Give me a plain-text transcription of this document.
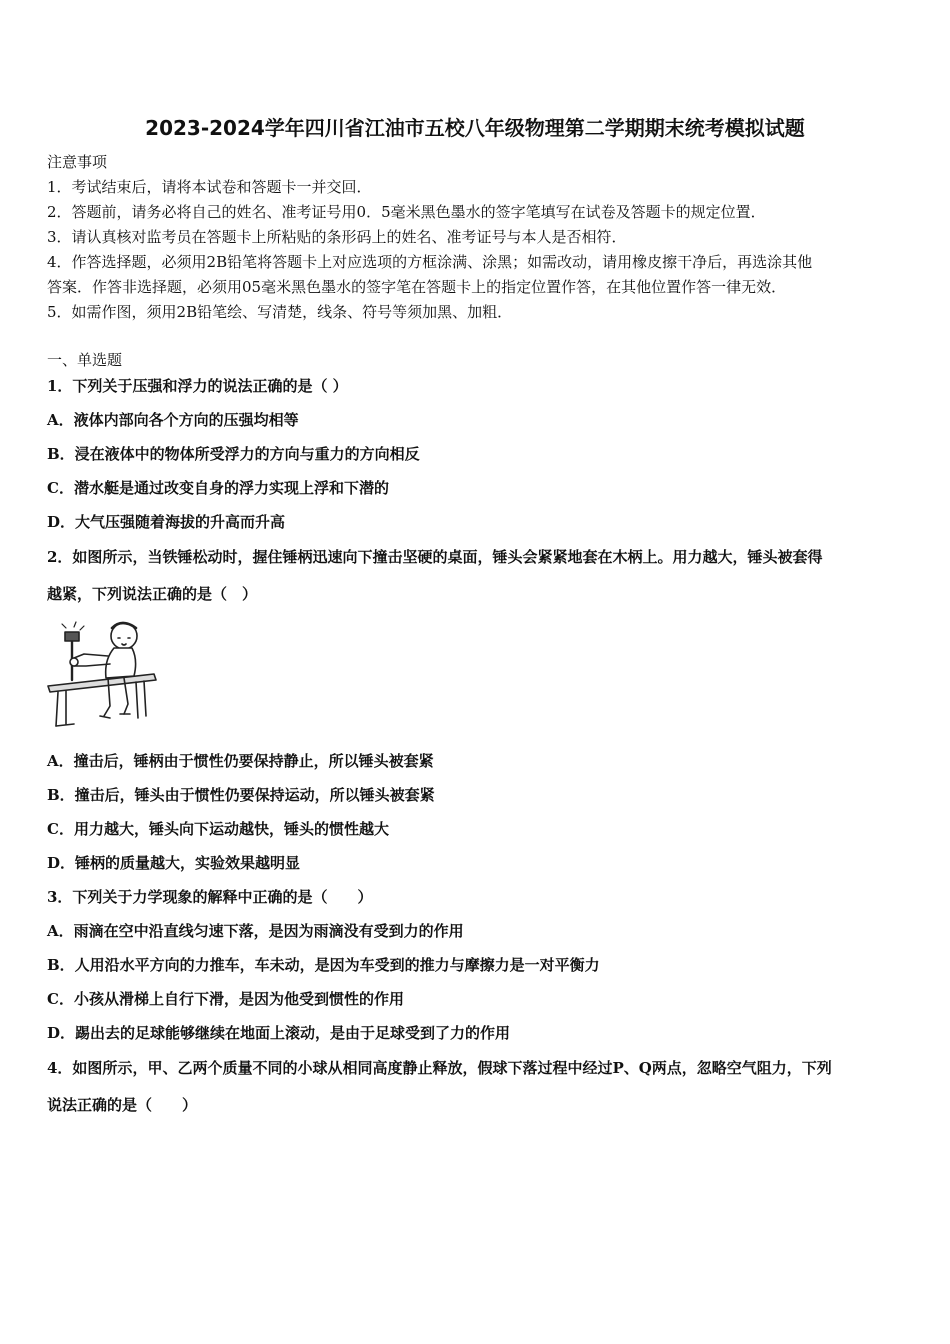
2023-2024学年四川省江油市五校八年级物理第二学期期末统考模拟试题
注意事项
1．考试结束后，请将本试卷和答题卡一并交回．
2．答题前，请务必将自己的姓名、准考证号用0．5毫米黑色墨水的签字笔填写在试卷及答题卡的规定位置．
3．请认真核对监考员在答题卡上所粘贴的条形码上的姓名、准考证号与本人是否相符．
4．作答选择题，必须用2B铅笔将答题卡上对应选项的方框涂满、涂黑；如需改动，请用橡皮擦干净后，再选涂其他
答案．作答非选择题，必须用05毫米黑色墨水的签字笔在答题卡上的指定位置作答，在其他位置作答一律无效．
5．如需作图，须用2B铅笔绘、写清楚，线条、符号等须加黑、加粗．
一、单选题
1．下列关于压强和浮力的说法正确的是（ ）
A．液体内部向各个方向的压强均相等
B．浸在液体中的物体所受浮力的方向与重力的方向相反
C．潜水艇是通过改变自身的浮力实现上浮和下潜的
D．大气压强随着海拔的升高而升高
2．如图所示，当铁锤松动时，握住锤柄迅速向下撞击坚硬的桌面，锤头会紧紧地套在木柄上。用力越大，锤头被套得
越紧，下列说法正确的是（　）
A．撞击后，锤柄由于惯性仍要保持静止，所以锤头被套紧
B．撞击后，锤头由于惯性仍要保持运动，所以锤头被套紧
C．用力越大，锤头向下运动越快，锤头的惯性越大
D．锤柄的质量越大，实验效果越明显
3．下列关于力学现象的解释中正确的是（　　）
A．雨滴在空中沿直线匀速下落，是因为雨滴没有受到力的作用
B．人用沿水平方向的力推车，车未动，是因为车受到的推力与摩擦力是一对平衡力
C．小孩从滑梯上自行下滑，是因为他受到惯性的作用
D．踢出去的足球能够继续在地面上滚动，是由于足球受到了力的作用
4．如图所示，甲、乙两个质量不同的小球从相同高度静止释放，假球下落过程中经过P、Q两点，忽略空气阻力，下列
说法正确的是（　　）
